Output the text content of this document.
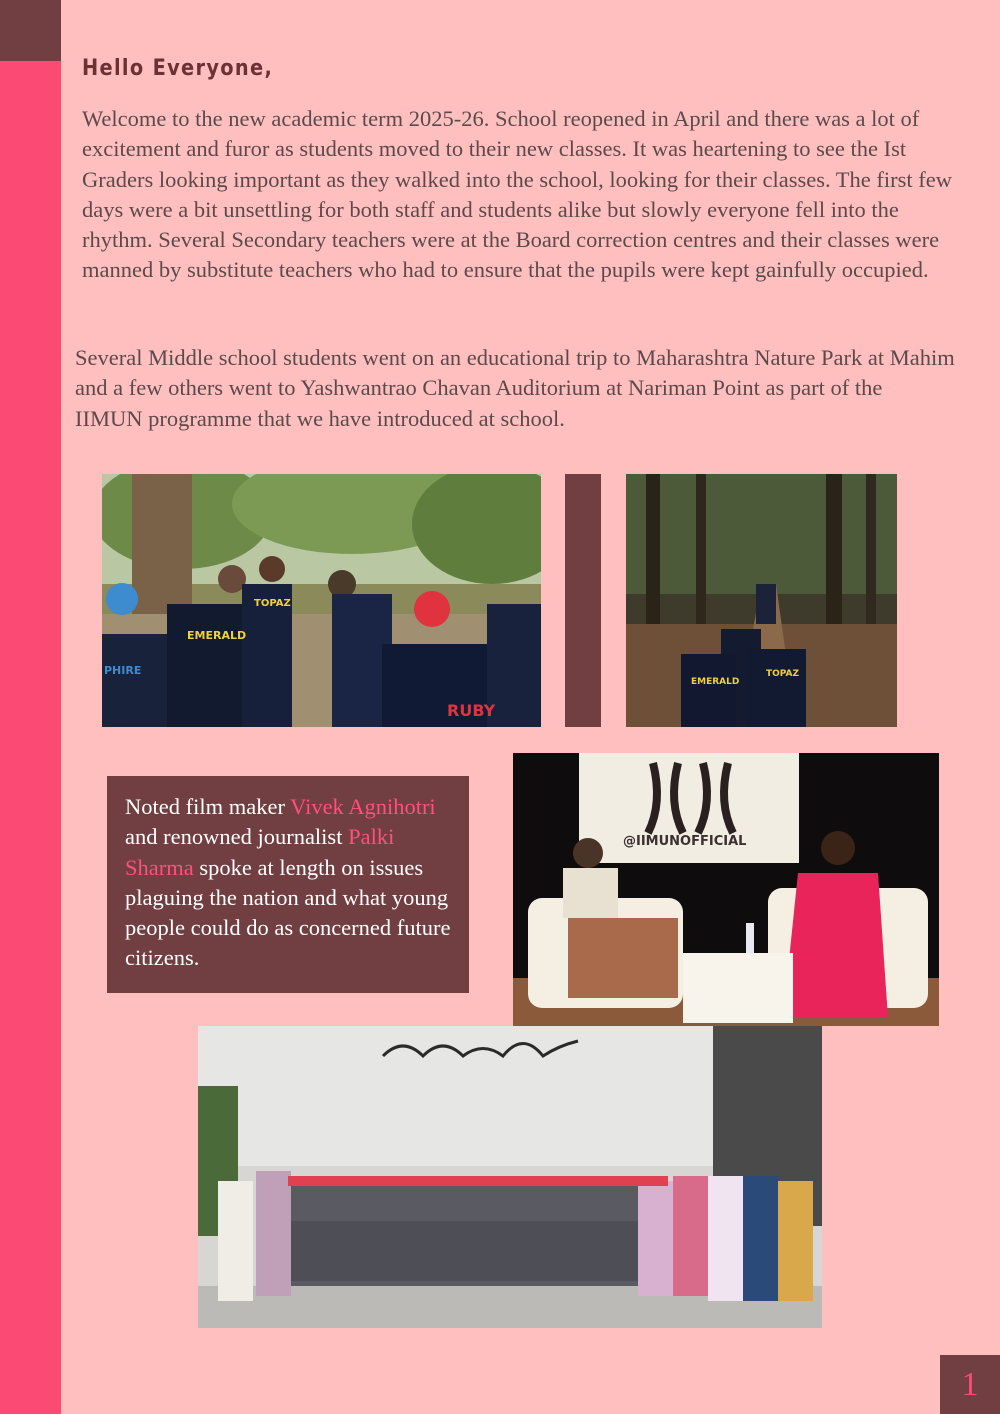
Hello Everyone,

Welcome to the new academic term 2025-26. School reopened in April and there was a lot of excitement and furor as students moved to their new classes. It was heartening to see the Ist Graders looking important as they walked into the school, looking for their classes. The first few days were a bit unsettling for both staff and students alike but slowly everyone fell into the rhythm. Several Secondary teachers were at the Board correction centres and their classes were manned by substitute teachers who had to ensure that the pupils were kept gainfully occupied.

Several Middle school students went on an educational trip to Maharashtra Nature Park at Mahim and a few others went to Yashwantrao Chavan Auditorium at Nariman Point as part of the IIMUN programme that we have introduced at school.

EMERALD
TOPAZ
RUBY
PHIRE
EMERALD
TOPAZ

Noted film maker Vivek Agnihotri and renowned journalist Palki Sharma spoke at length on issues plaguing the nation and what young people could do as concerned future citizens.

@IIMUNOFFICIAL
1
